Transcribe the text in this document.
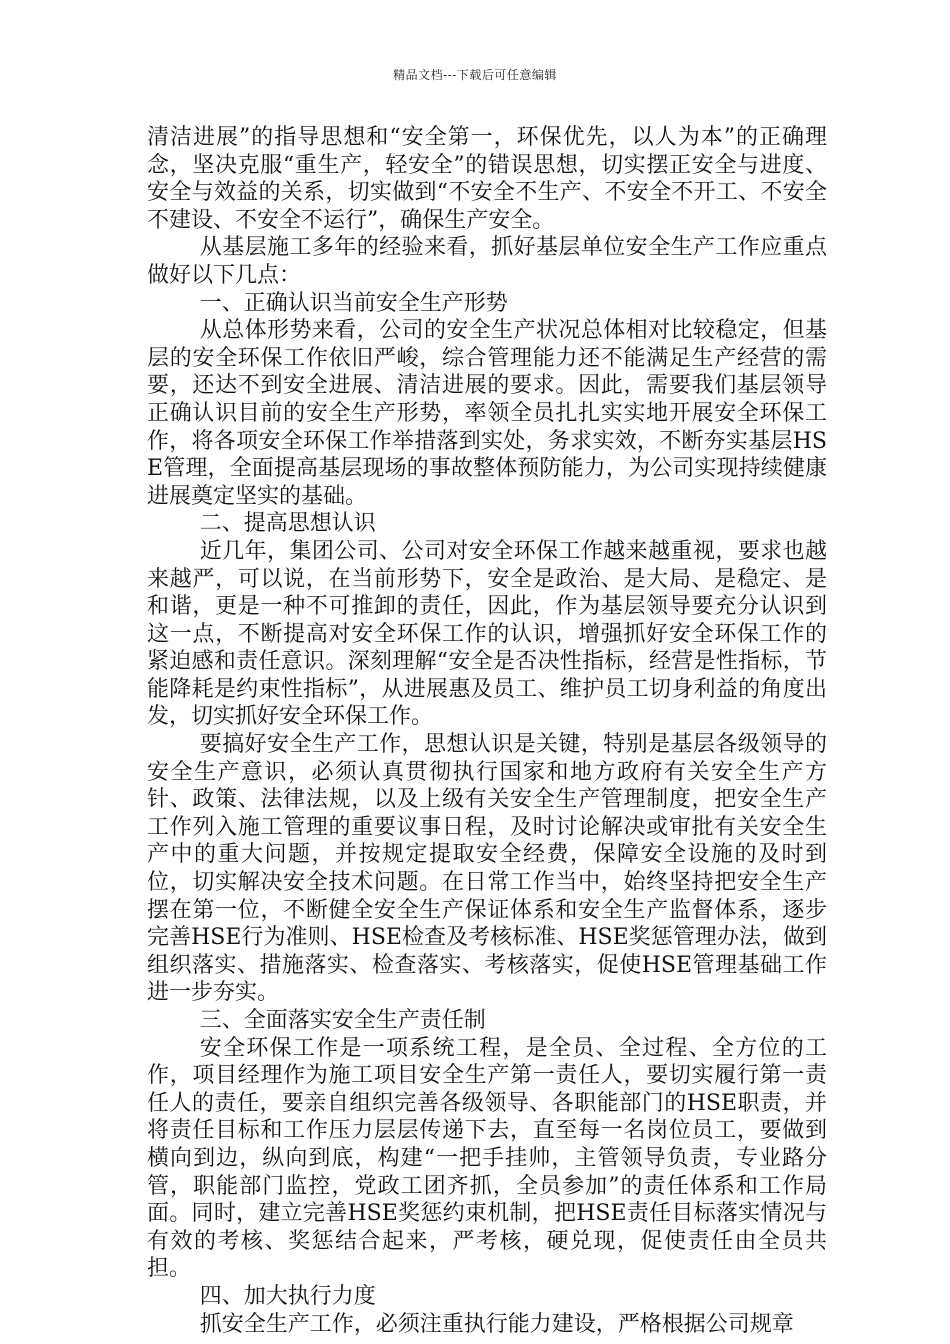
精品文档---下载后可任意编辑

清洁进展”的指导思想和“安全第一，环保优先，以人为本”的正确理念，坚决克服“重生产，轻安全”的错误思想，切实摆正安全与进度、安全与效益的关系，切实做到“不安全不生产、不安全不开工、不安全不建设、不安全不运行”，确保生产安全。

从基层施工多年的经验来看，抓好基层单位安全生产工作应重点做好以下几点：

一、正确认识当前安全生产形势

从总体形势来看，公司的安全生产状况总体相对比较稳定，但基层的安全环保工作依旧严峻，综合管理能力还不能满足生产经营的需要，还达不到安全进展、清洁进展的要求。因此，需要我们基层领导正确认识目前的安全生产形势，率领全员扎扎实实地开展安全环保工作，将各项安全环保工作举措落到实处，务求实效，不断夯实基层HSE管理，全面提高基层现场的事故整体预防能力，为公司实现持续健康进展奠定坚实的基础。

二、提高思想认识

近几年，集团公司、公司对安全环保工作越来越重视，要求也越来越严，可以说，在当前形势下，安全是政治、是大局、是稳定、是和谐，更是一种不可推卸的责任，因此，作为基层领导要充分认识到这一点，不断提高对安全环保工作的认识，增强抓好安全环保工作的紧迫感和责任意识。深刻理解“安全是否决性指标，经营是性指标，节能降耗是约束性指标”，从进展惠及员工、维护员工切身利益的角度出发，切实抓好安全环保工作。

要搞好安全生产工作，思想认识是关键，特别是基层各级领导的安全生产意识，必须认真贯彻执行国家和地方政府有关安全生产方针、政策、法律法规，以及上级有关安全生产管理制度，把安全生产工作列入施工管理的重要议事日程，及时讨论解决或审批有关安全生产中的重大问题，并按规定提取安全经费，保障安全设施的及时到位，切实解决安全技术问题。在日常工作当中，始终坚持把安全生产摆在第一位，不断健全安全生产保证体系和安全生产监督体系，逐步完善HSE行为准则、HSE检查及考核标准、HSE奖惩管理办法，做到组织落实、措施落实、检查落实、考核落实，促使HSE管理基础工作进一步夯实。

三、全面落实安全生产责任制

安全环保工作是一项系统工程，是全员、全过程、全方位的工作，项目经理作为施工项目安全生产第一责任人，要切实履行第一责任人的责任，要亲自组织完善各级领导、各职能部门的HSE职责，并将责任目标和工作压力层层传递下去，直至每一名岗位员工，要做到横向到边，纵向到底，构建“一把手挂帅，主管领导负责，专业路分管，职能部门监控，党政工团齐抓，全员参加”的责任体系和工作局面。同时，建立完善HSE奖惩约束机制，把HSE责任目标落实情况与有效的考核、奖惩结合起来，严考核，硬兑现，促使责任由全员共担。

四、加大执行力度

抓安全生产工作，必须注重执行能力建设，严格根据公司规章
